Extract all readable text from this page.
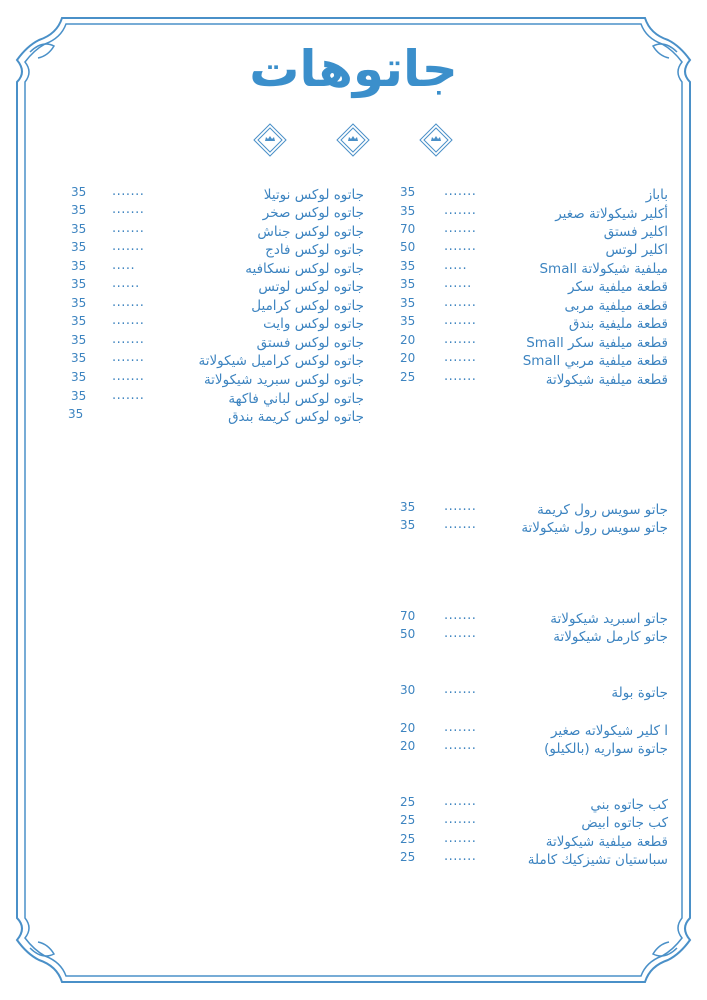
جاتوهات
باباز
.......
35
أكلير شيكولاتة صغير
.......
35
اكلير فستق
.......
70
اكلير لوتس
.......
50
Small ميلفية شيكولاتة
.....
35
قطعة ميلفية سكر
......
35
قطعة ميلفية مربى
.......
35
قطعة مليفية بندق
.......
35
Small قطعة ميلفية سكر
.......
20
Small قطعة ميلفية مربي
.......
20
قطعة ميلفية شيكولاتة
.......
25
جاتو سويس رول كريمة
.......
35
جاتو سويس رول شيكولاتة
.......
35
جاتو اسبريد شيكولاتة
.......
70
جاتو كارمل شيكولاتة
.......
50
جاتوة بولة
.......
30
ا كلير شيكولاته صغير
.......
20
جاتوة سواريه (بالكيلو)
.......
20
كب جاتوه بني
.......
25
كب جاتوه ابيض
.......
25
قطعة ميلفية شيكولاتة
.......
25
سباستيان تشيزكيك كاملة
.......
25
جاتوه لوكس نوتيلا
.......
35
جاتوه لوكس صخر
.......
35
جاتوه لوكس جناش
.......
35
جاتوه لوكس فادج
.......
35
جاتوه لوكس نسكافيه
.....
35
جاتوه لوكس لوتس
......
35
جاتوه لوكس كراميل
.......
35
جاتوه لوكس وايت
.......
35
جاتوه لوكس فستق
.......
35
جاتوه لوكس كراميل شيكولاتة
.......
35
جاتوه لوكس سبريد شيكولاتة
.......
35
جاتوه لوكس لباني فاكهة
.......
35
جاتوه لوكس كريمة بندق
35
